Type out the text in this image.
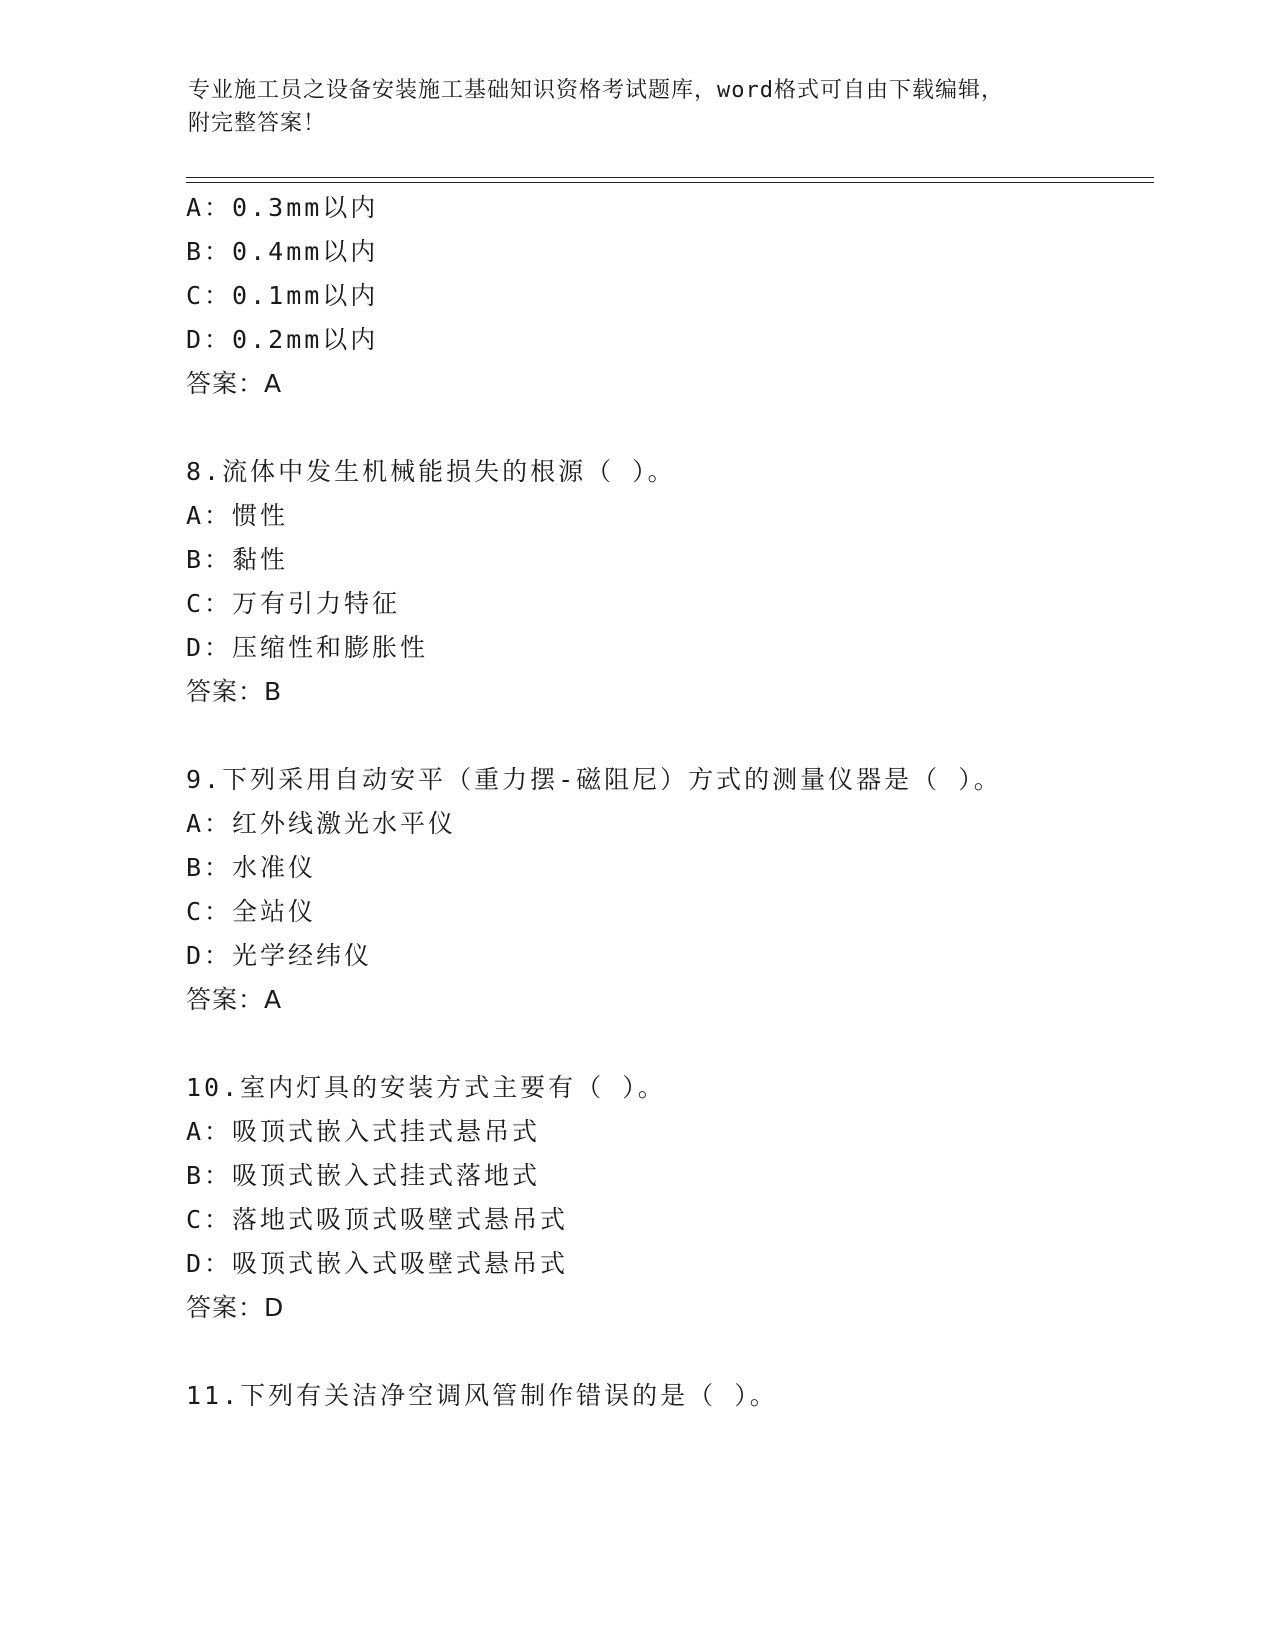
专业施工员之设备安装施工基础知识资格考试题库，word格式可自由下载编辑，
附完整答案！
A：0.3mm以内
B：0.4mm以内
C：0.1mm以内
D：0.2mm以内
答案：A
8.流体中发生机械能损失的根源（ ）。
A：惯性
B：黏性
C：万有引力特征
D：压缩性和膨胀性
答案：B
9.下列采用自动安平（重力摆-磁阻尼）方式的测量仪器是（ ）。
A：红外线激光水平仪
B：水准仪
C：全站仪
D：光学经纬仪
答案：A
10.室内灯具的安装方式主要有（ ）。
A：吸顶式嵌入式挂式悬吊式
B：吸顶式嵌入式挂式落地式
C：落地式吸顶式吸壁式悬吊式
D：吸顶式嵌入式吸壁式悬吊式
答案：D
11.下列有关洁净空调风管制作错误的是（ ）。
